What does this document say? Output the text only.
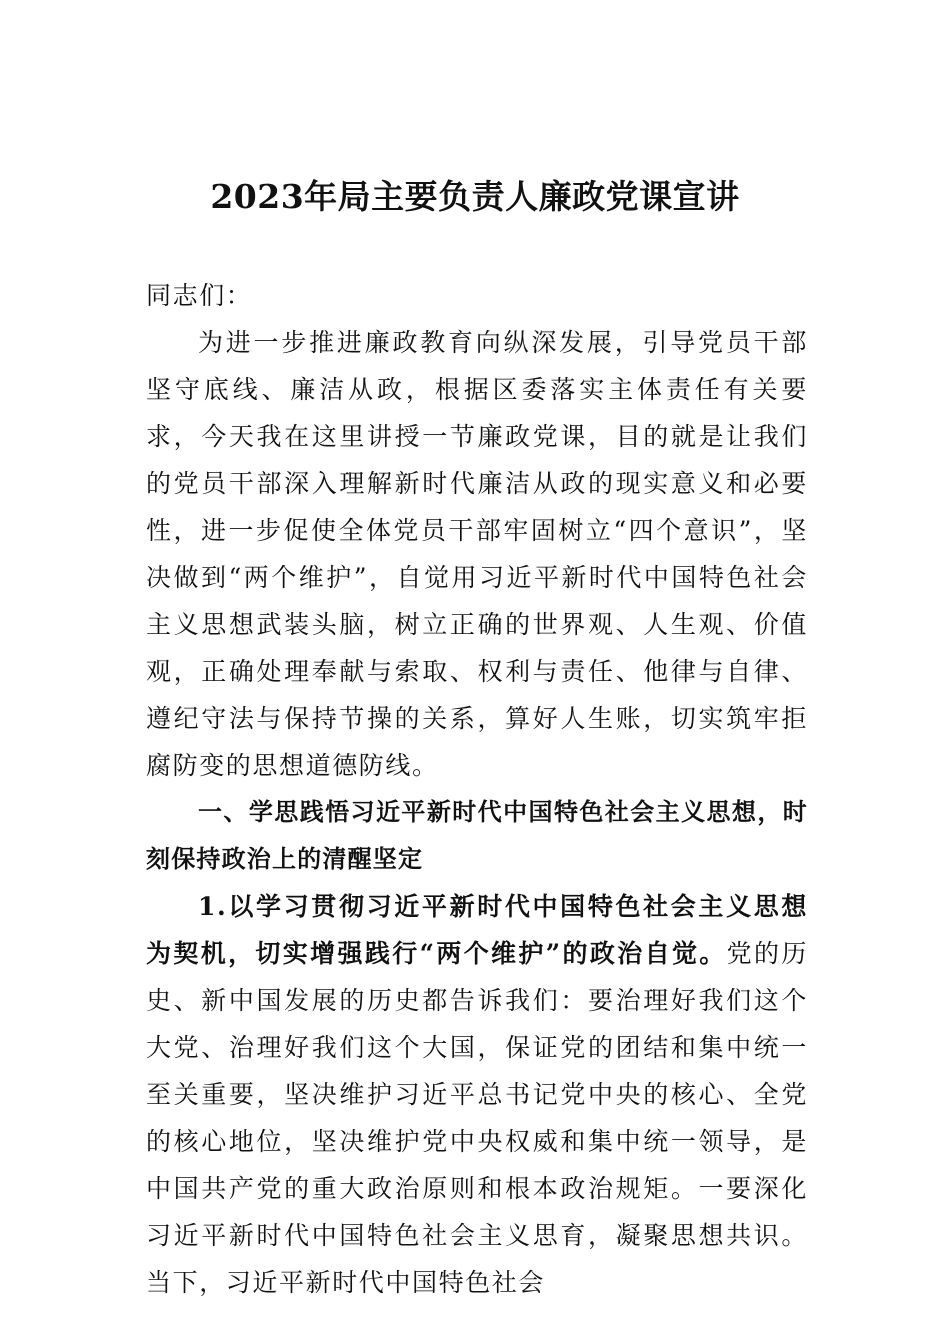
2023年局主要负责人廉政党课宣讲

同志们：

为进一步推进廉政教育向纵深发展，引导党员干部坚守底线、廉洁从政，根据区委落实主体责任有关要求，今天我在这里讲授一节廉政党课，目的就是让我们的党员干部深入理解新时代廉洁从政的现实意义和必要性，进一步促使全体党员干部牢固树立“四个意识”，坚决做到“两个维护”，自觉用习近平新时代中国特色社会主义思想武装头脑，树立正确的世界观、人生观、价值观，正确处理奉献与索取、权利与责任、他律与自律、遵纪守法与保持节操的关系，算好人生账，切实筑牢拒腐防变的思想道德防线。

一、学思践悟习近平新时代中国特色社会主义思想，时刻保持政治上的清醒坚定

1.以学习贯彻习近平新时代中国特色社会主义思想为契机，切实增强践行“两个维护”的政治自觉。党的历史、新中国发展的历史都告诉我们：要治理好我们这个大党、治理好我们这个大国，保证党的团结和集中统一至关重要，坚决维护习近平总书记党中央的核心、全党的核心地位，坚决维护党中央权威和集中统一领导，是中国共产党的重大政治原则和根本政治规矩。一要深化习近平新时代中国特色社会主义思育，凝聚思想共识。当下，习近平新时代中国特色社会
